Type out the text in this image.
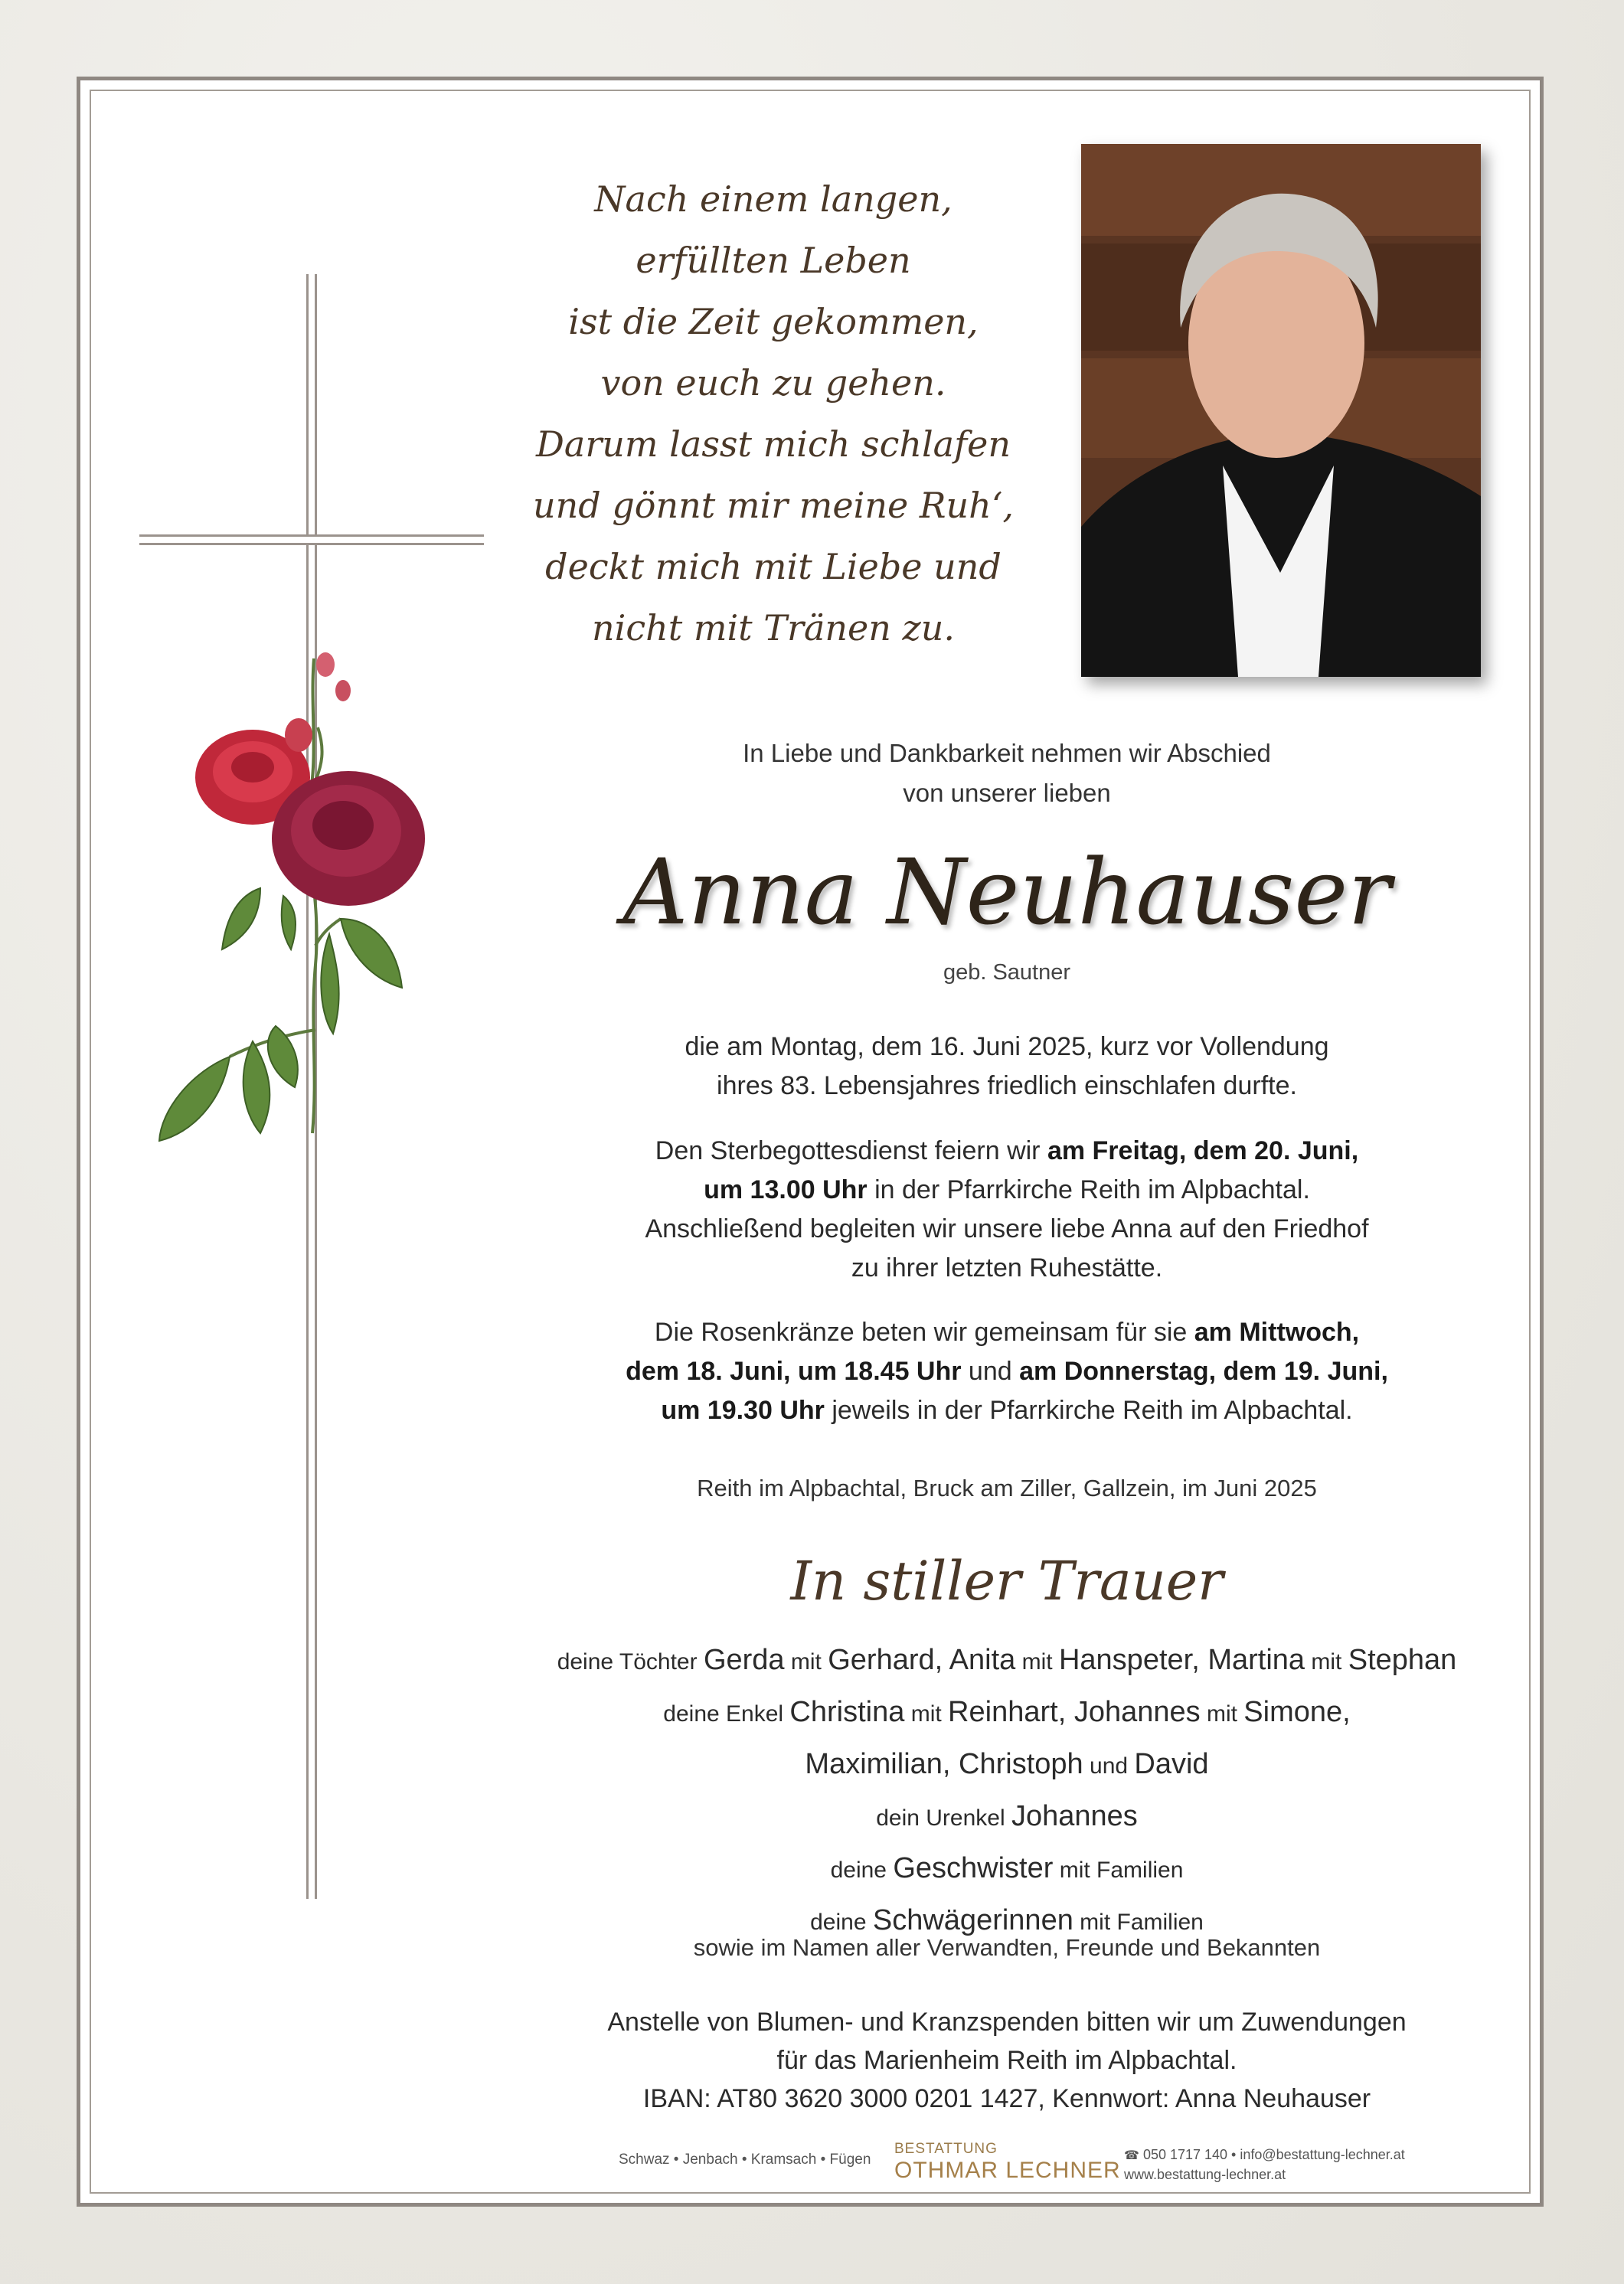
Nach einem langen,
erfüllten Leben
ist die Zeit gekommen,
von euch zu gehen.
Darum lasst mich schlafen
und gönnt mir meine Ruh‘,
deckt mich mit Liebe und
nicht mit Tränen zu.
In Liebe und Dankbarkeit nehmen wir Abschied
von unserer lieben
Anna Neuhauser
geb. Sautner
die am Montag, dem 16. Juni 2025, kurz vor Vollendung
ihres 83. Lebensjahres friedlich einschlafen durfte.
Den Sterbegottesdienst feiern wir am Freitag, dem 20. Juni,
um 13.00 Uhr in der Pfarrkirche Reith im Alpbachtal.
Anschließend begleiten wir unsere liebe Anna auf den Friedhof
zu ihrer letzten Ruhestätte.
Die Rosenkränze beten wir gemeinsam für sie am Mittwoch,
dem 18. Juni, um 18.45 Uhr und am Donnerstag, dem 19. Juni,
um 19.30 Uhr jeweils in der Pfarrkirche Reith im Alpbachtal.
Reith im Alpbachtal, Bruck am Ziller, Gallzein, im Juni 2025
In stiller Trauer
deine Töchter Gerda mit Gerhard, Anita mit Hanspeter, Martina mit Stephan
deine Enkel Christina mit Reinhart, Johannes mit Simone,
Maximilian, Christoph und David
dein Urenkel Johannes
deine Geschwister mit Familien
deine Schwägerinnen mit Familien
sowie im Namen aller Verwandten, Freunde und Bekannten
Anstelle von Blumen- und Kranzspenden bitten wir um Zuwendungen
für das Marienheim Reith im Alpbachtal.
IBAN: AT80 3620 3000 0201 1427, Kennwort: Anna Neuhauser
Schwaz • Jenbach • Kramsach • Fügen
BESTATTUNG
OTHMAR LECHNER
☎ 050 1717 140 • info@bestattung-lechner.at
www.bestattung-lechner.at
